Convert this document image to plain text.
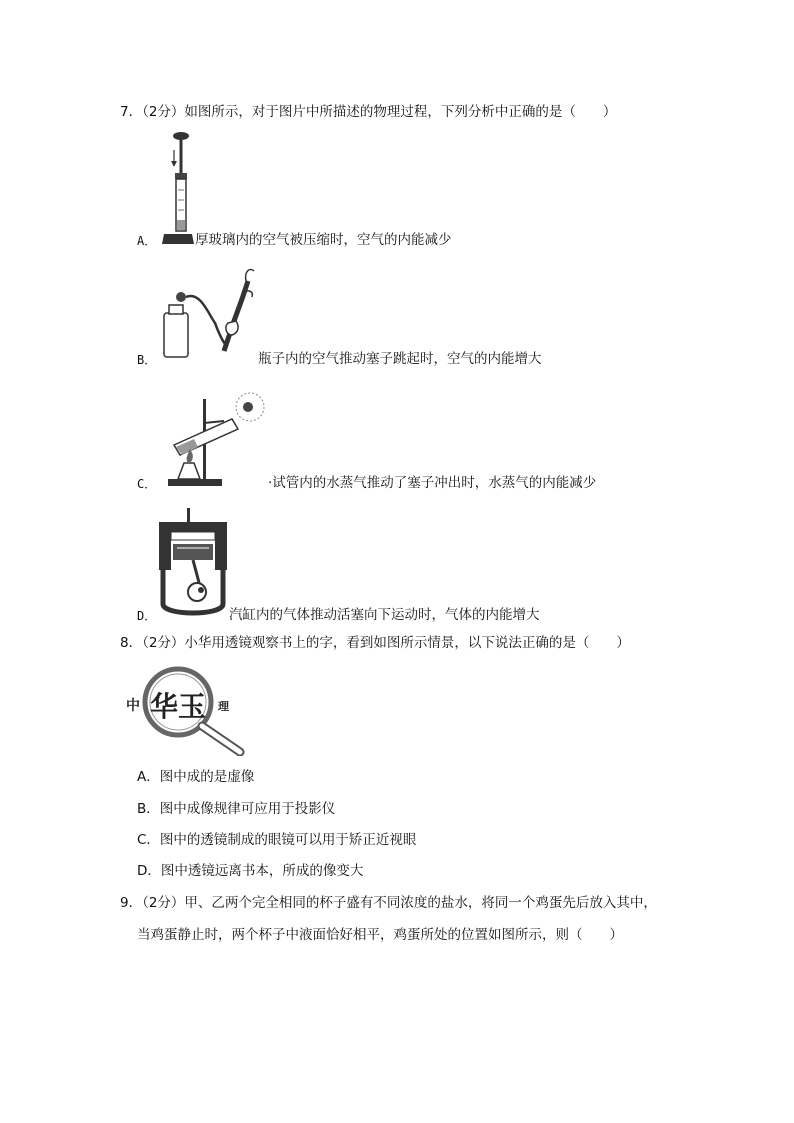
7．（2分）如图所示，对于图片中所描述的物理过程，下列分析中正确的是（　　）
A．	厚玻璃内的空气被压缩时，空气的内能减少
B．	瓶子内的空气推动塞子跳起时，空气的内能增大
C．	·试管内的水蒸气推动了塞子冲出时，水蒸气的内能减少
D．	汽缸内的气体推动活塞向下运动时，气体的内能增大
8．（2分）小华用透镜观察书上的字，看到如图所示情景，以下说法正确的是（　　）
中 华 玉 理
A．图中成的是虚像
B．图中成像规律可应用于投影仪
C．图中的透镜制成的眼镜可以用于矫正近视眼
D．图中透镜远离书本，所成的像变大
9．（2分）甲、乙两个完全相同的杯子盛有不同浓度的盐水，将同一个鸡蛋先后放入其中，
当鸡蛋静止时，两个杯子中液面恰好相平，鸡蛋所处的位置如图所示，则（　　）
